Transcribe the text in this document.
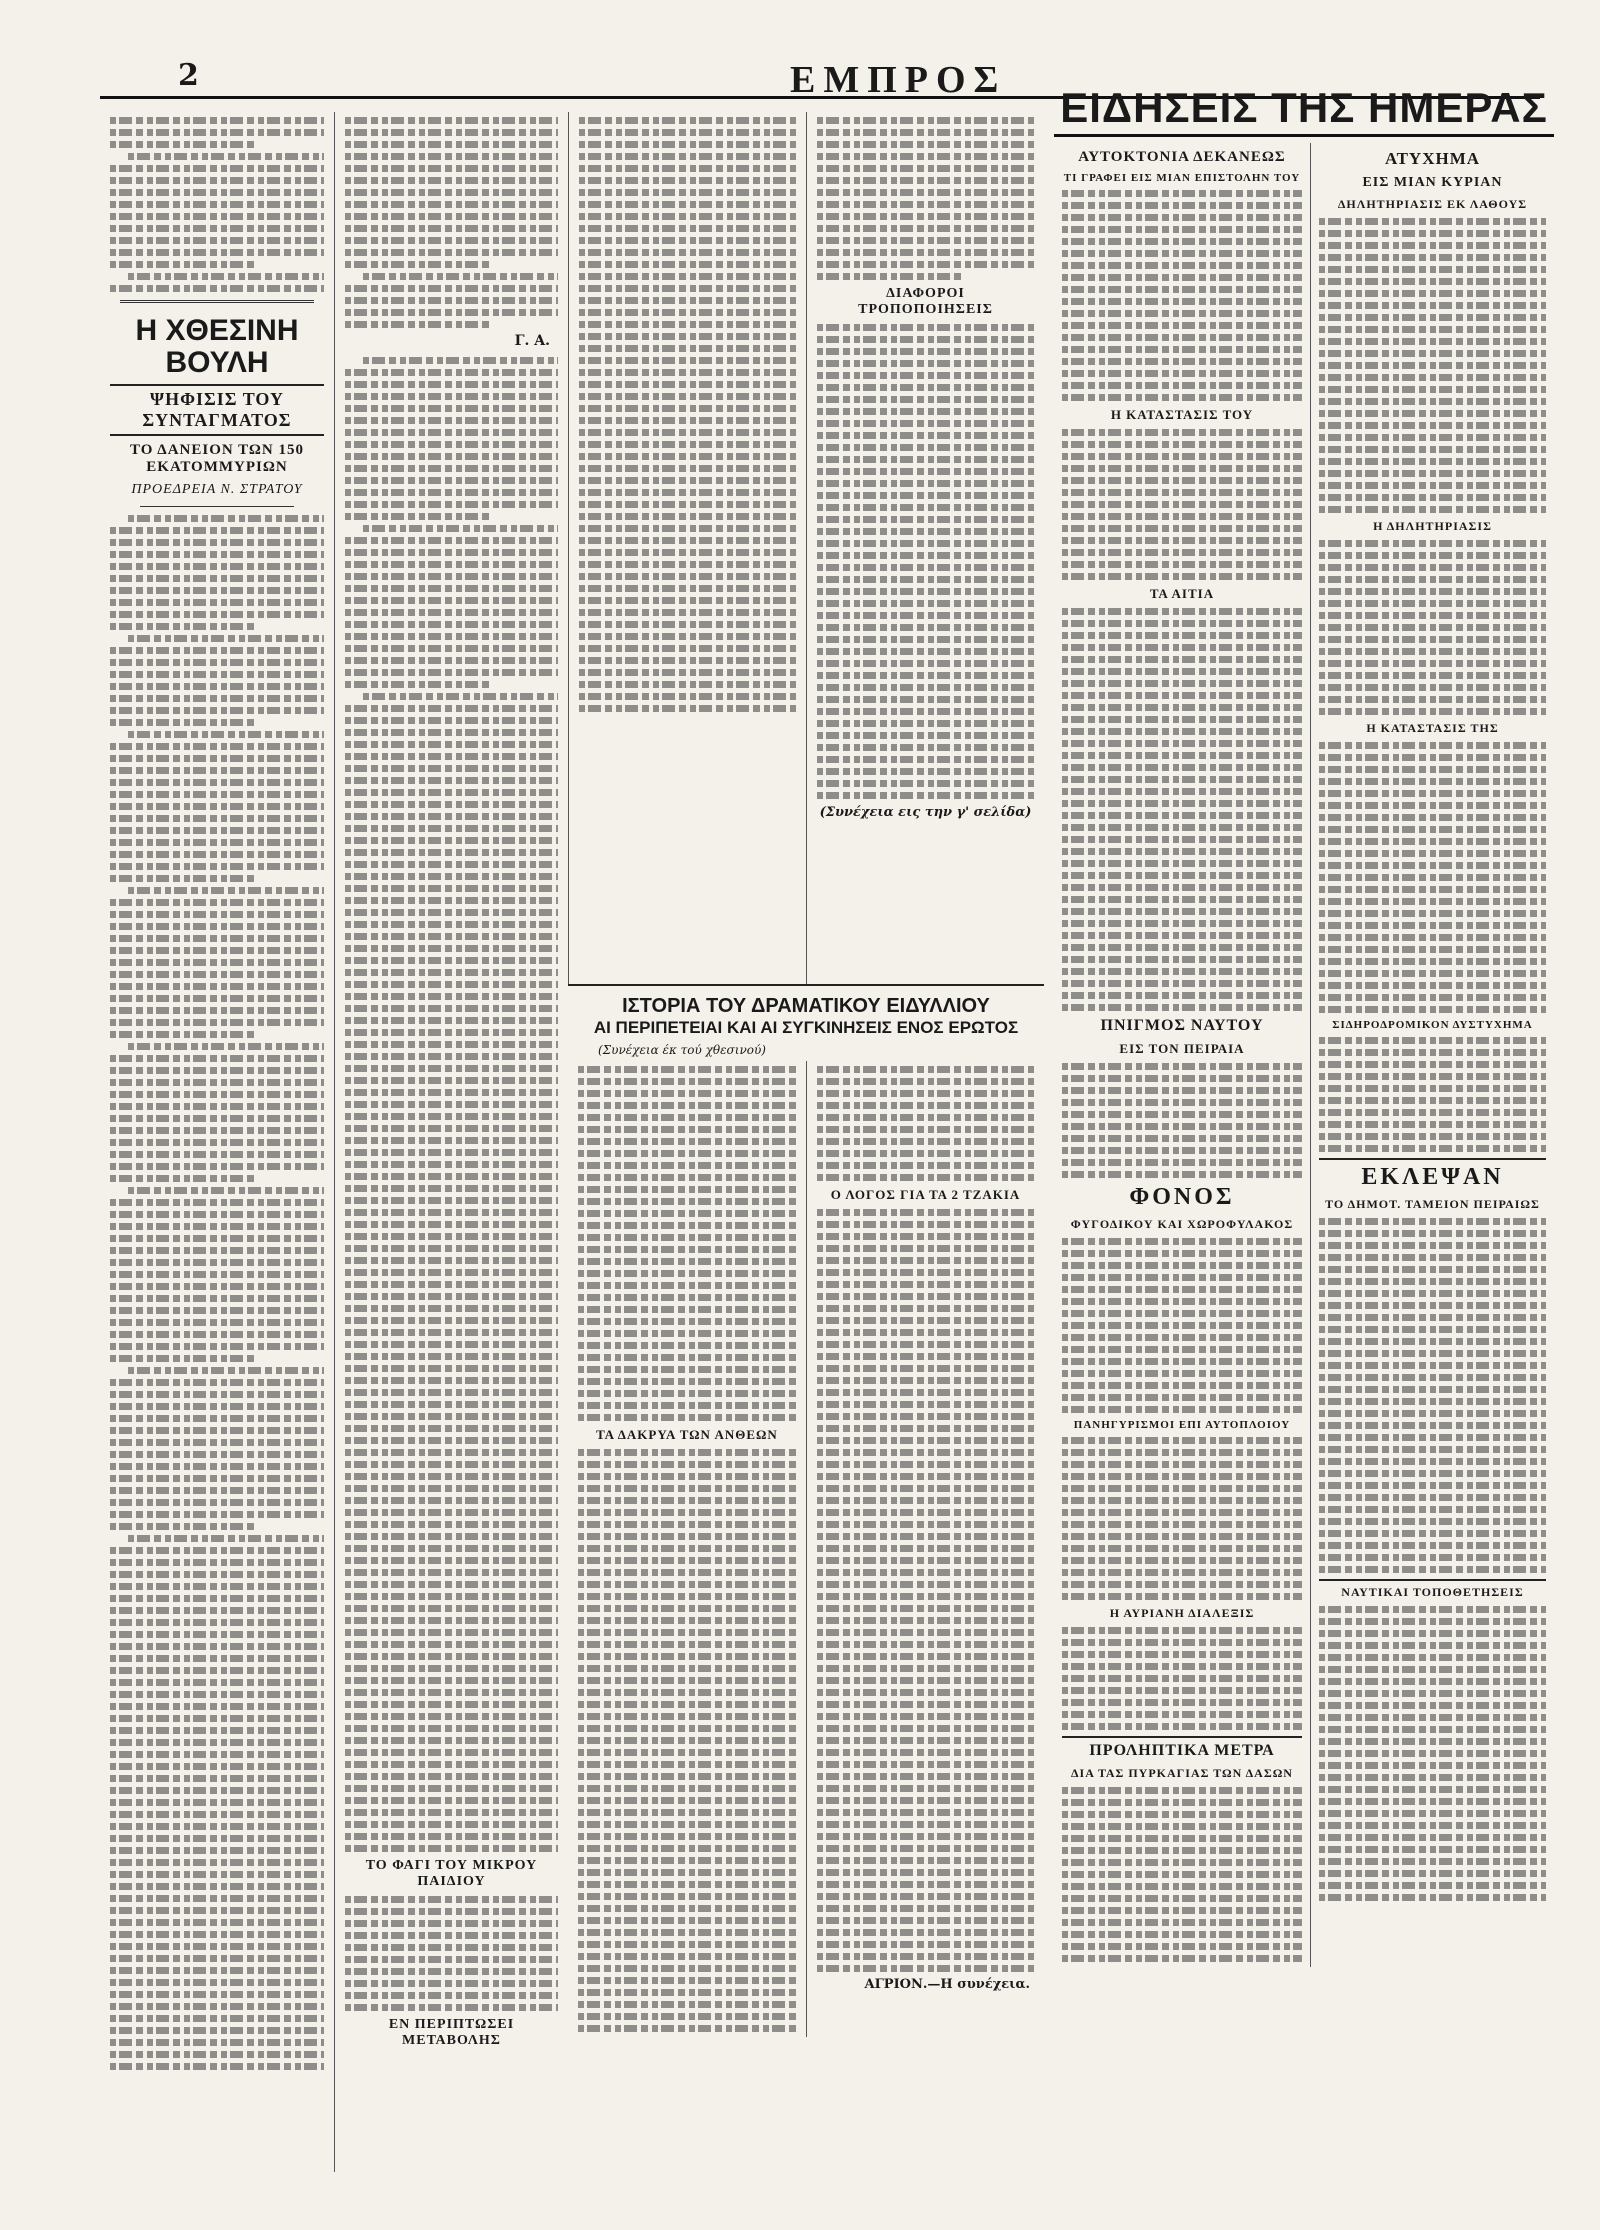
2	ΕΜΠΡΟΣ
Η ΧΘΕΣΙΝΗ ΒΟΥΛΗ
ΨΗΦΙΣΙΣ ΤΟΥ ΣΥΝΤΑΓΜΑΤΟΣ
ΤΟ ΔΑΝΕΙΟΝ ΤΩΝ 150 ΕΚΑΤΟΜΜΥΡΙΩΝ
ΠΡΟΕΔΡΕΙΑ Ν. ΣΤΡΑΤΟΥ
Γ. Α.
ΤΟ ΦΑΓΙ ΤΟΥ ΜΙΚΡΟΥ ΠΑΙΔΙΟΥ
ΕΝ ΠΕΡΙΠΤΩΣΕΙ ΜΕΤΑΒΟΛΗΣ
ΔΙΑΦΟΡΟΙ ΤΡΟΠΟΠΟΙΗΣΕΙΣ
(Συνέχεια εις την γ' σελίδα)
ΙΣΤΟΡΙΑ ΤΟΥ ΔΡΑΜΑΤΙΚΟΥ ΕΙΔΥΛΛΙΟΥ
ΑΙ ΠΕΡΙΠΕΤΕΙΑΙ ΚΑΙ ΑΙ ΣΥΓΚΙΝΗΣΕΙΣ ΕΝΟΣ ΕΡΩΤΟΣ
(Συνέχεια έκ τού χθεσινού)
ΤΑ ΔΑΚΡΥΑ ΤΩΝ ΑΝΘΕΩΝ
Ο ΛΟΓΟΣ ΓΙΑ ΤΑ 2 ΤΖΑΚΙΑ
ΑΓΡΙΟΝ.—Η συνέχεια.
ΕΙΔΗΣΕΙΣ ΤΗΣ ΗΜΕΡΑΣ
ΑΥΤΟΚΤΟΝΙΑ ΔΕΚΑΝΕΩΣ
ΤΙ ΓΡΑΦΕΙ ΕΙΣ ΜΙΑΝ ΕΠΙΣΤΟΛΗΝ ΤΟΥ
Η ΚΑΤΑΣΤΑΣΙΣ ΤΟΥ
ΤΑ ΑΙΤΙΑ
ΠΝΙΓΜΟΣ ΝΑΥΤΟΥ
ΕΙΣ ΤΟΝ ΠΕΙΡΑΙΑ
ΦΟΝΟΣ
ΦΥΓΟΔΙΚΟΥ ΚΑΙ ΧΩΡΟΦΥΛΑΚΟΣ
ΠΑΝΗΓΥΡΙΣΜΟΙ ΕΠΙ ΑΥΤΟΠΛΟΙΟΥ
Η ΑΥΡΙΑΝΗ ΔΙΑΛΕΞΙΣ
ΠΡΟΛΗΠΤΙΚΑ ΜΕΤΡΑ
ΔΙΑ ΤΑΣ ΠΥΡΚΑΓΙΑΣ ΤΩΝ ΔΑΣΩΝ
ΑΤΥΧΗΜΑ
ΕΙΣ ΜΙΑΝ ΚΥΡΙΑΝ
ΔΗΛΗΤΗΡΙΑΣΙΣ ΕΚ ΛΑΘΟΥΣ
Η ΔΗΛΗΤΗΡΙΑΣΙΣ
Η ΚΑΤΑΣΤΑΣΙΣ ΤΗΣ
ΣΙΔΗΡΟΔΡΟΜΙΚΟΝ ΔΥΣΤΥΧΗΜΑ
ΕΚΛΕΨΑΝ
ΤΟ ΔΗΜΟΤ. ΤΑΜΕΙΟΝ ΠΕΙΡΑΙΩΣ
ΝΑΥΤΙΚΑΙ ΤΟΠΟΘΕΤΗΣΕΙΣ
